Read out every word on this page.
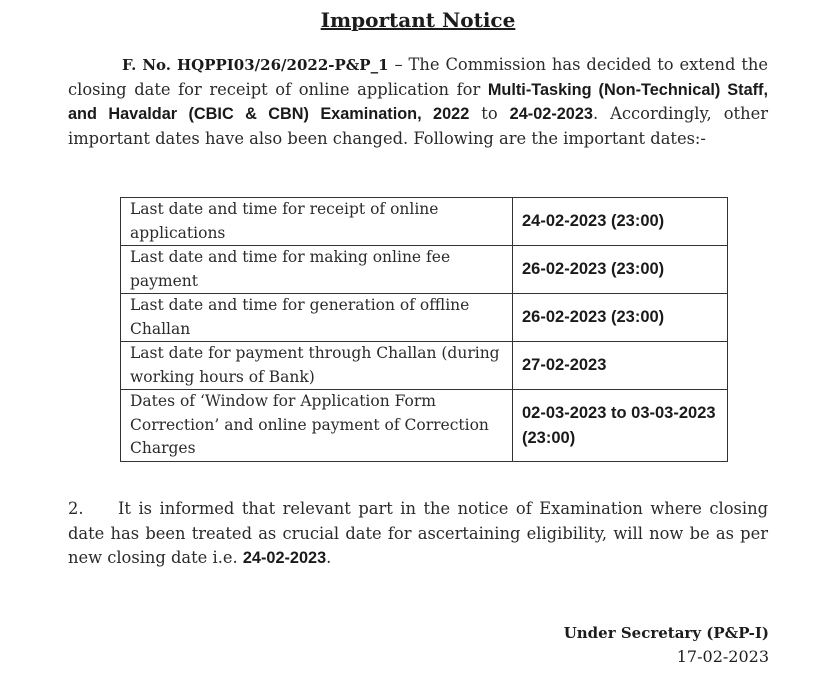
Important Notice
F. No. HQPPI03/26/2022-P&P_1 – The Commission has decided to extend the closing date for receipt of online application for Multi-Tasking (Non-Technical) Staff, and Havaldar (CBIC & CBN) Examination, 2022 to 24-02-2023. Accordingly, other important dates have also been changed. Following are the important dates:-
Last date and time for receipt of online applications	24-02-2023 (23:00)
Last date and time for making online fee payment	26-02-2023 (23:00)
Last date and time for generation of offline Challan	26-02-2023 (23:00)
Last date for payment through Challan (during working hours of Bank)	27-02-2023
Dates of ‘Window for Application Form Correction’ and online payment of Correction Charges	02-03-2023 to 03-03-2023 (23:00)
2. It is informed that relevant part in the notice of Examination where closing date has been treated as crucial date for ascertaining eligibility, will now be as per new closing date i.e. 24-02-2023.
Under Secretary (P&P-I)
17-02-2023
